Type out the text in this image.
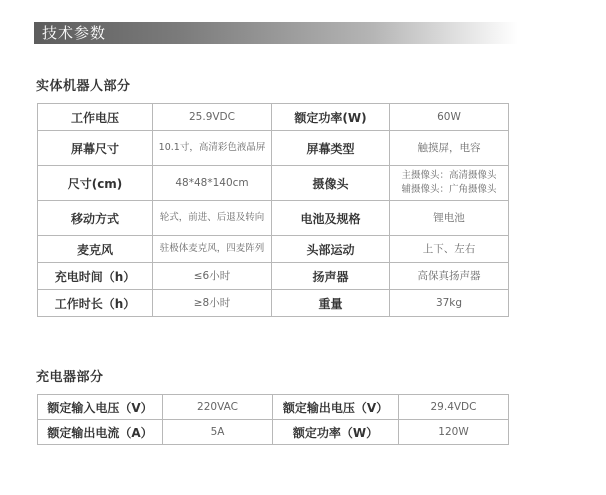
技术参数
实体机器人部分
工作电压	25.9VDC	额定功率(W)	60W
屏幕尺寸	10.1寸，高清彩色液晶屏	屏幕类型	触摸屏，电容
尺寸(cm)	48*48*140cm	摄像头	主摄像头：高清摄像头
辅摄像头：广角摄像头
移动方式	轮式，前进、后退及转向	电池及规格	锂电池
麦克风	驻极体麦克风，四麦阵列	头部运动	上下、左右
充电时间（h）	≤6小时	扬声器	高保真扬声器
工作时长（h）	≥8小时	重量	37kg
充电器部分
额定输入电压（V）	220VAC	额定输出电压（V）	29.4VDC
额定输出电流（A）	5A	额定功率（W）	120W
